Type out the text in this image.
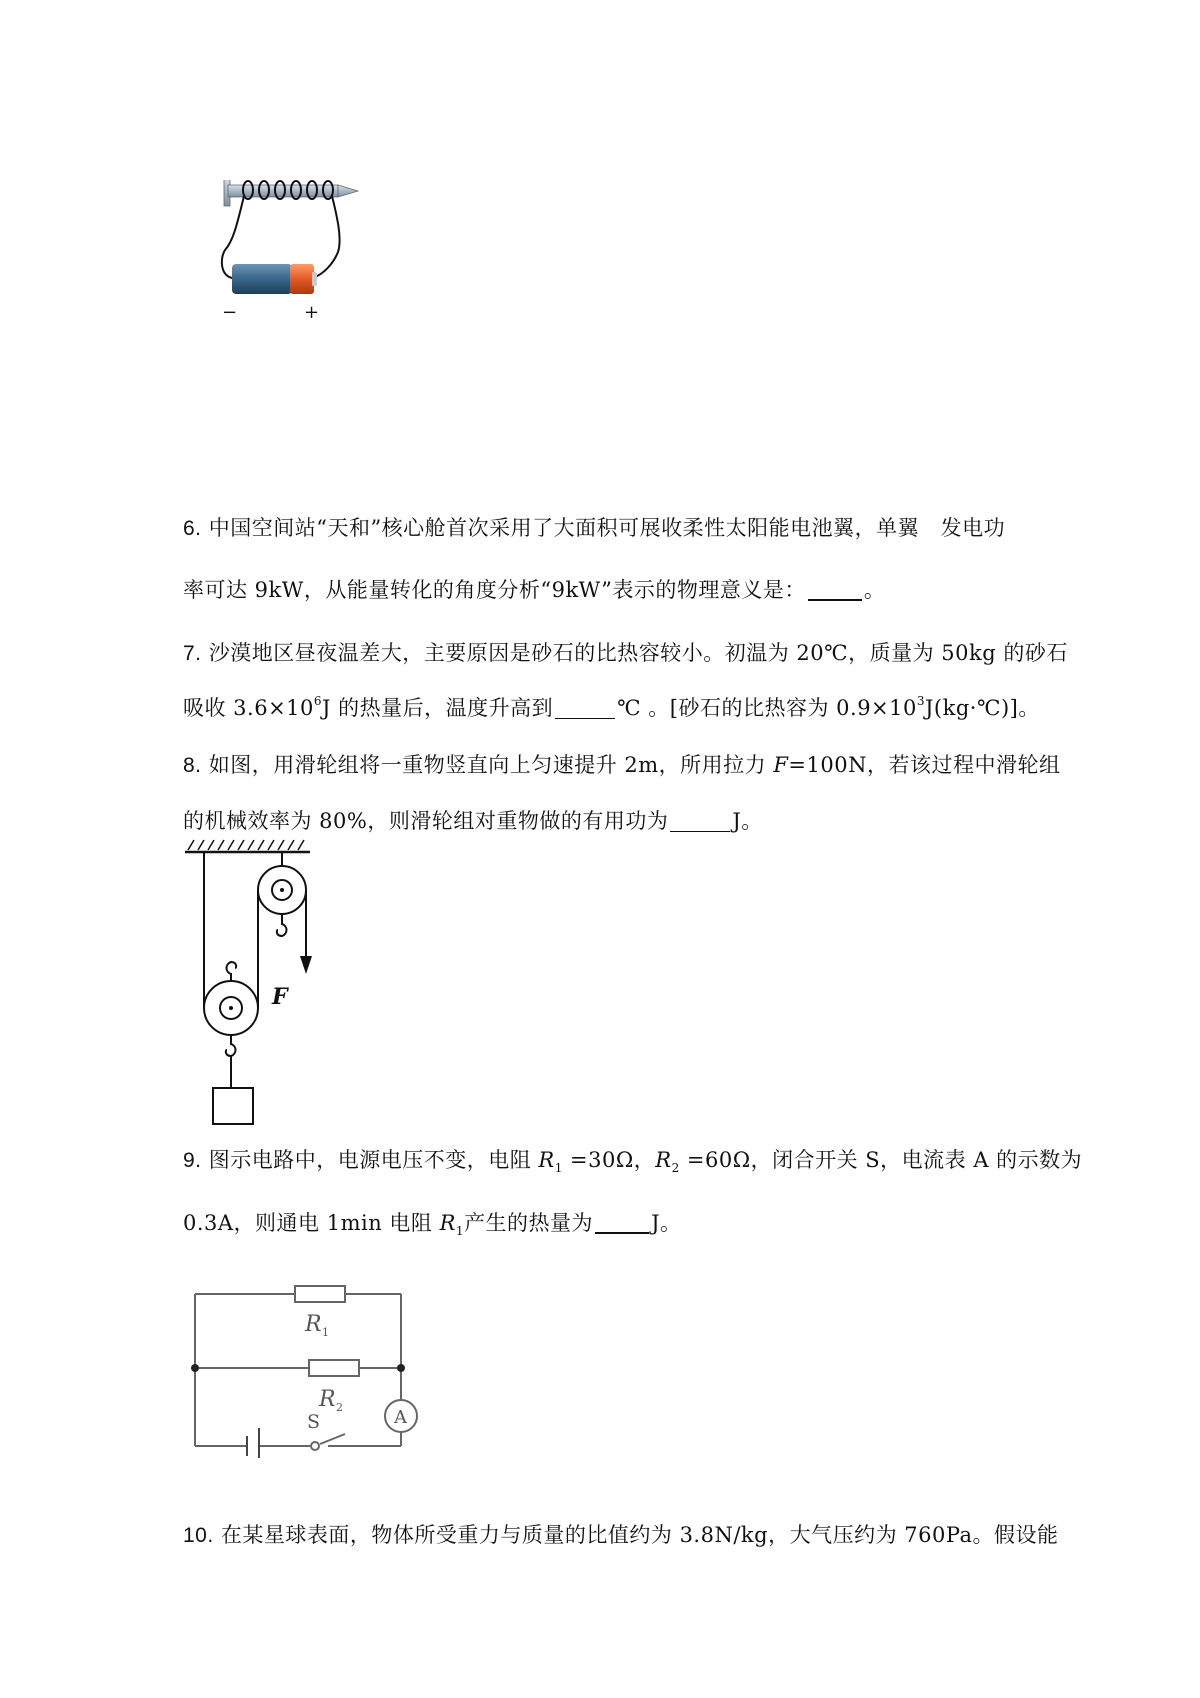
−	+
6. 中国空间站“天和”核心舱首次采用了大面积可展收柔性太阳能电池翼，单翼　发电功
率可达 9kW，从能量转化的角度分析“9kW”表示的物理意义是：	。
7. 沙漠地区昼夜温差大，主要原因是砂石的比热容较小。初温为 20℃，质量为 50kg 的砂石
吸收 $3.6\times 10^6J$ 的热量后，温度升高到	℃ 。[砂石的比热容为 $0.9\times 10^3J(kg\cdot℃)$]。
8. 如图，用滑轮组将一重物竖直向上匀速提升 2m，所用拉力 F=100N，若该过程中滑轮组
的机械效率为 80%，则滑轮组对重物做的有用功为	J。
F
9. 图示电路中，电源电压不变，电阻 $R_1 =30\Omega$，$R_2 =60\Omega$，闭合开关 S，电流表 A 的示数为
0.3A，则通电 1min 电阻 $R_1$产生的热量为	J。
R 1
R 2
S	A
10. 在某星球表面，物体所受重力与质量的比值约为 3.8N/kg，大气压约为 760Pa。假设能
